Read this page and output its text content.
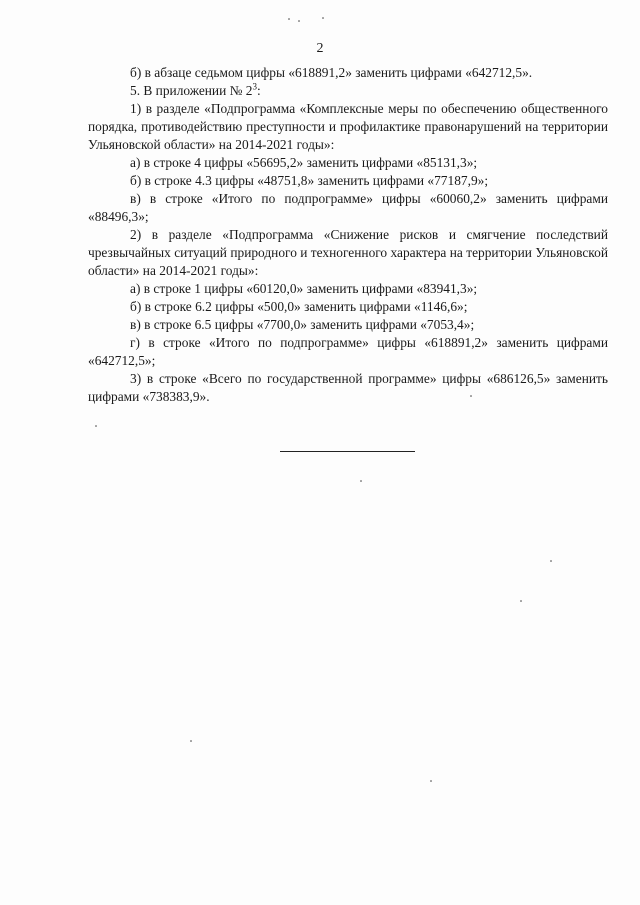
2

б) в абзаце седьмом цифры «618891,2» заменить цифрами «642712,5».

5. В приложении № $2^3$:

1) в разделе «Подпрограмма «Комплексные меры по обеспечению общественного порядка, противодействию преступности и профилактике правонарушений на территории Ульяновской области» на 2014-2021 годы»:

а) в строке 4 цифры «56695,2» заменить цифрами «85131,3»;

б) в строке 4.3 цифры «48751,8» заменить цифрами «77187,9»;

в) в строке «Итого по подпрограмме» цифры «60060,2» заменить цифрами «88496,3»;

2) в разделе «Подпрограмма «Снижение рисков и смягчение последствий чрезвычайных ситуаций природного и техногенного характера на территории Ульяновской области» на 2014-2021 годы»:

а) в строке 1 цифры «60120,0» заменить цифрами «83941,3»;

б) в строке 6.2 цифры «500,0» заменить цифрами «1146,6»;

в) в строке 6.5 цифры «7700,0» заменить цифрами «7053,4»;

г) в строке «Итого по подпрограмме» цифры «618891,2» заменить цифрами «642712,5»;

3) в строке «Всего по государственной программе» цифры «686126,5» заменить цифрами «738383,9».
